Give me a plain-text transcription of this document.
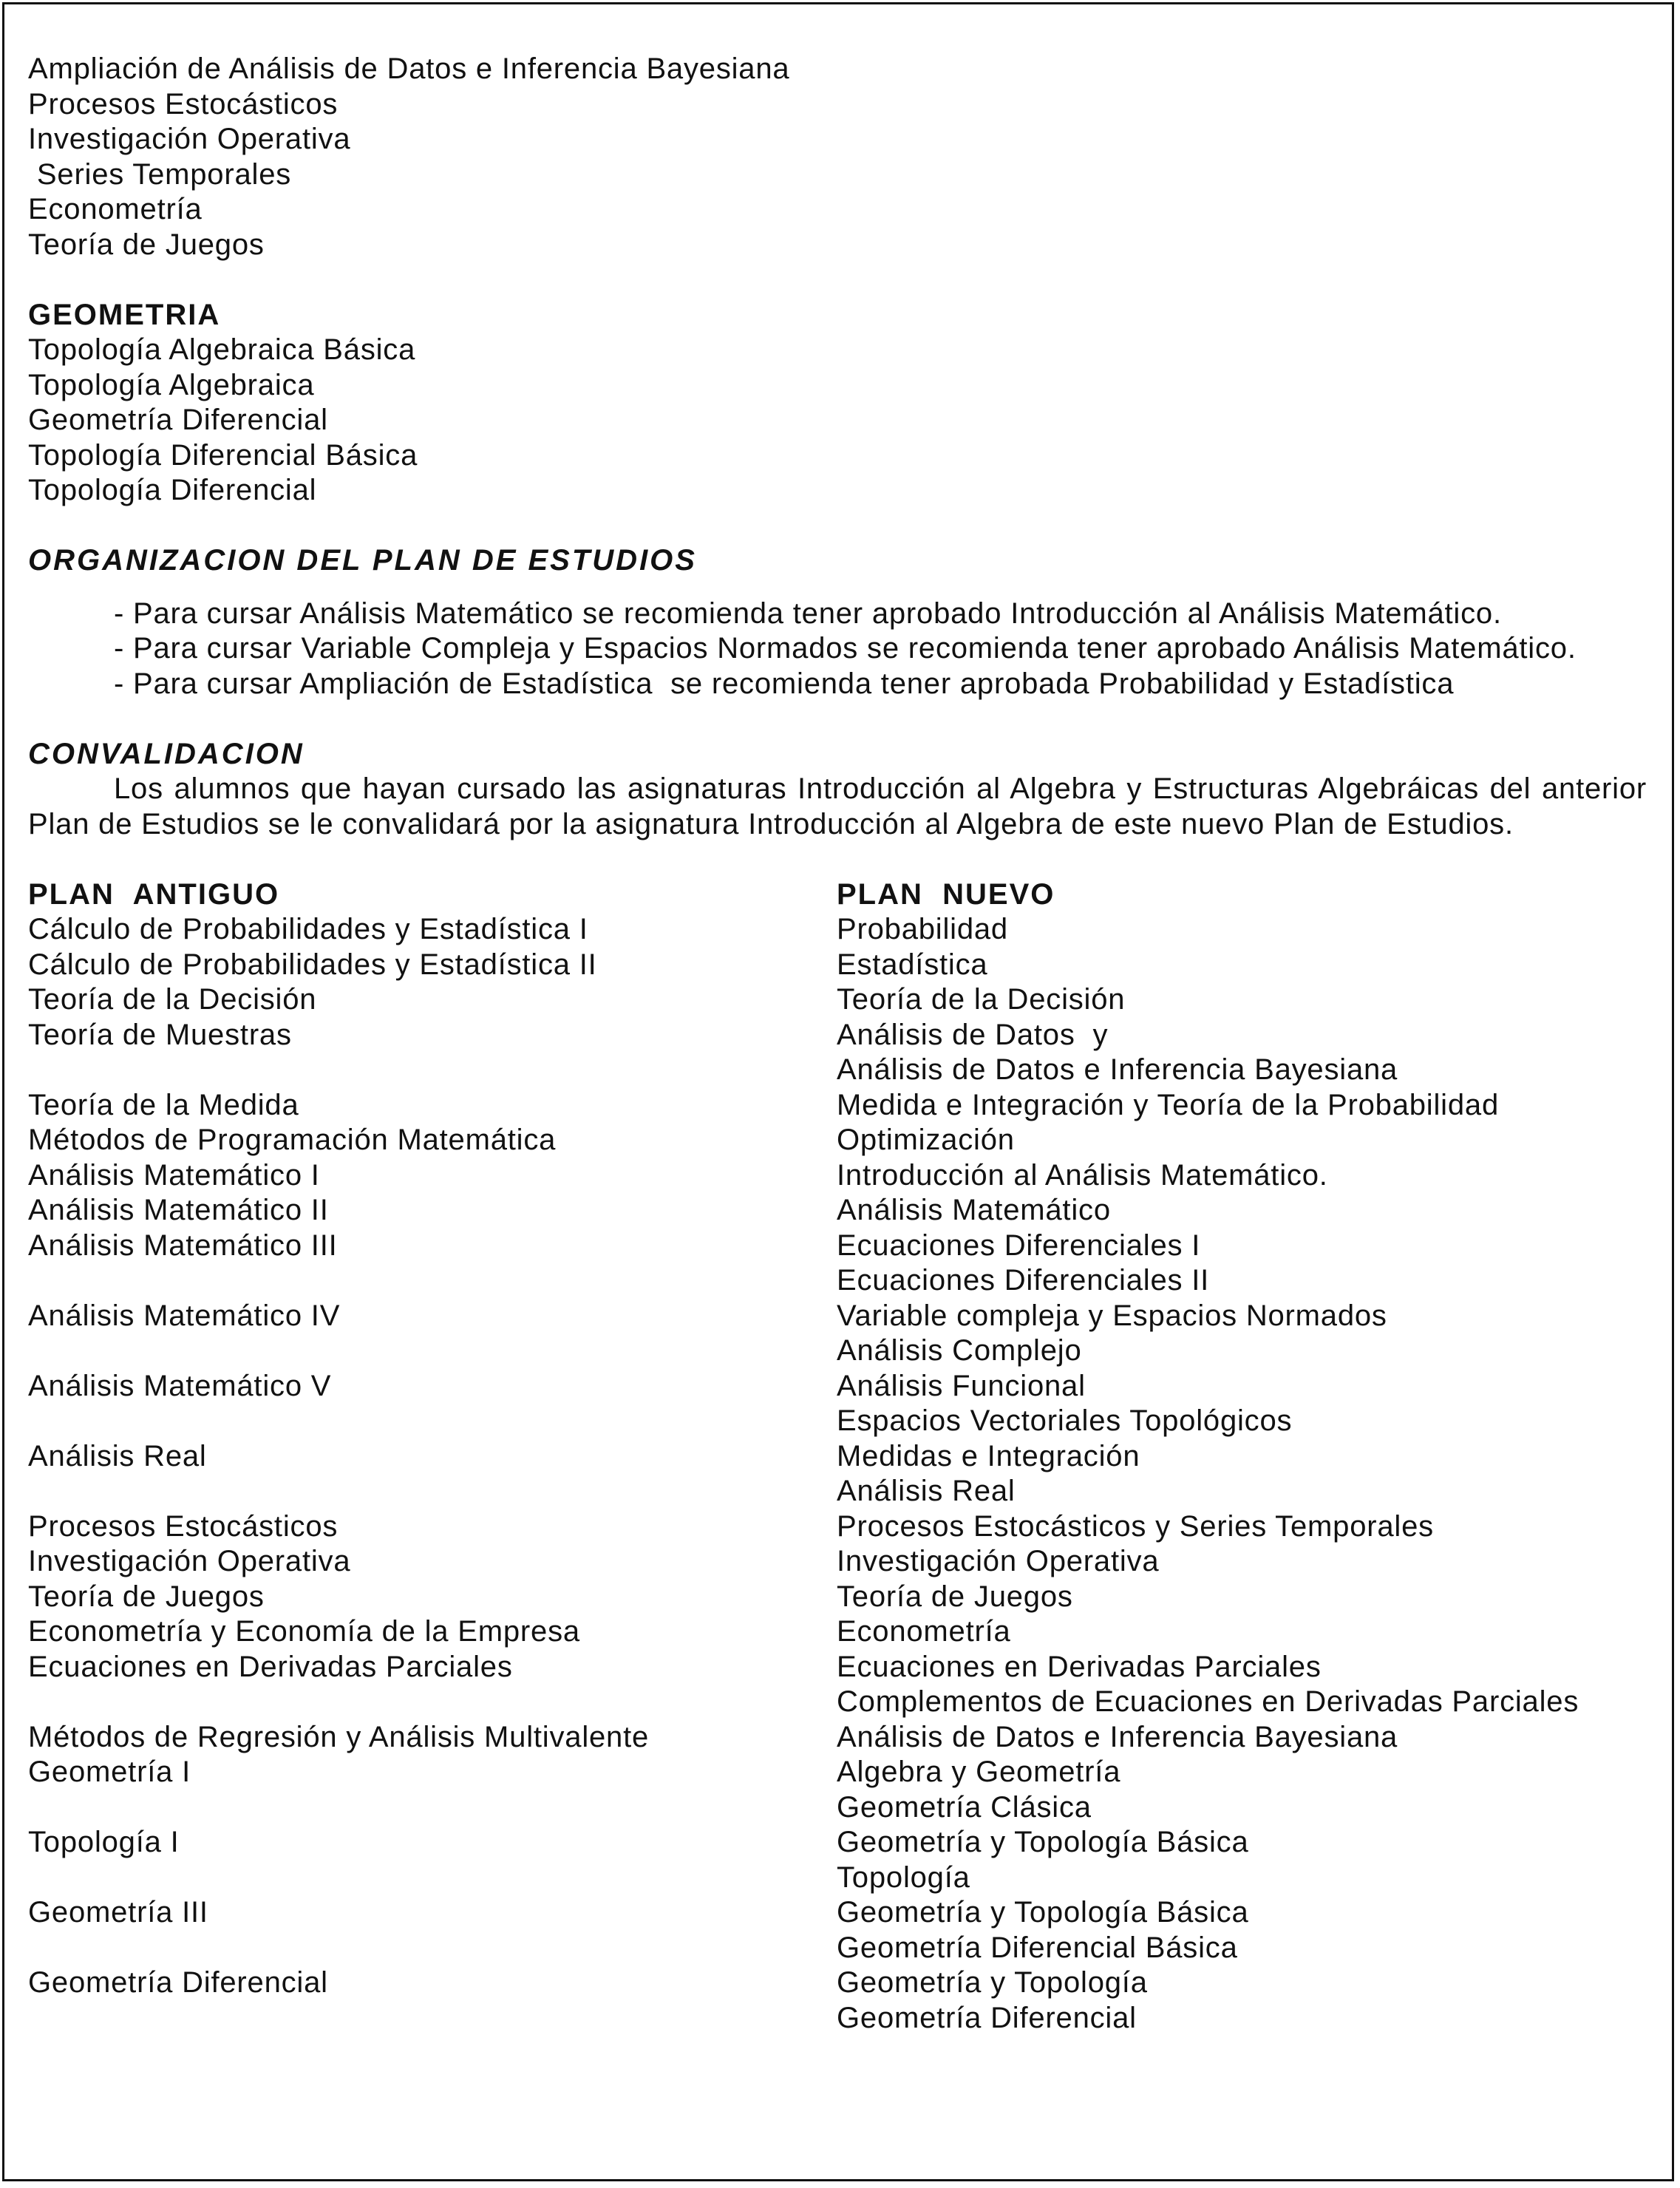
Ampliación de Análisis de Datos e Inferencia Bayesiana
Procesos Estocásticos
Investigación Operativa
Series Temporales
Econometría
Teoría de Juegos
GEOMETRIA
Topología Algebraica Básica
Topología Algebraica
Geometría Diferencial
Topología Diferencial Básica
Topología Diferencial
ORGANIZACION DEL PLAN DE ESTUDIOS
- Para cursar Análisis Matemático se recomienda tener aprobado Introducción al Análisis Matemático.
- Para cursar Variable Compleja y Espacios Normados se recomienda tener aprobado Análisis Matemático.
- Para cursar Ampliación de Estadística  se recomienda tener aprobada Probabilidad y Estadística
CONVALIDACION
Los alumnos que hayan cursado las asignaturas Introducción al Algebra y Estructuras Algebráicas del anterior Plan de Estudios se le convalidará por la asignatura Introducción al Algebra de este nuevo Plan de Estudios.
PLAN  ANTIGUO
Cálculo de Probabilidades y Estadística I
Cálculo de Probabilidades y Estadística II
Teoría de la Decisión
Teoría de Muestras
Teoría de la Medida
Métodos de Programación Matemática
Análisis Matemático I
Análisis Matemático II
Análisis Matemático III
Análisis Matemático IV
Análisis Matemático V
Análisis Real
Procesos Estocásticos
Investigación Operativa
Teoría de Juegos
Econometría y Economía de la Empresa
Ecuaciones en Derivadas Parciales
Métodos de Regresión y Análisis Multivalente
Geometría I
Topología I
Geometría III
Geometría Diferencial
PLAN  NUEVO
Probabilidad
Estadística
Teoría de la Decisión
Análisis de Datos  y
Análisis de Datos e Inferencia Bayesiana
Medida e Integración y Teoría de la Probabilidad
Optimización
Introducción al Análisis Matemático.
Análisis Matemático
Ecuaciones Diferenciales I
Ecuaciones Diferenciales II
Variable compleja y Espacios Normados
Análisis Complejo
Análisis Funcional
Espacios Vectoriales Topológicos
Medidas e Integración
Análisis Real
Procesos Estocásticos y Series Temporales
Investigación Operativa
Teoría de Juegos
Econometría
Ecuaciones en Derivadas Parciales
Complementos de Ecuaciones en Derivadas Parciales
Análisis de Datos e Inferencia Bayesiana
Algebra y Geometría
Geometría Clásica
Geometría y Topología Básica
Topología
Geometría y Topología Básica
Geometría Diferencial Básica
Geometría y Topología
Geometría Diferencial
